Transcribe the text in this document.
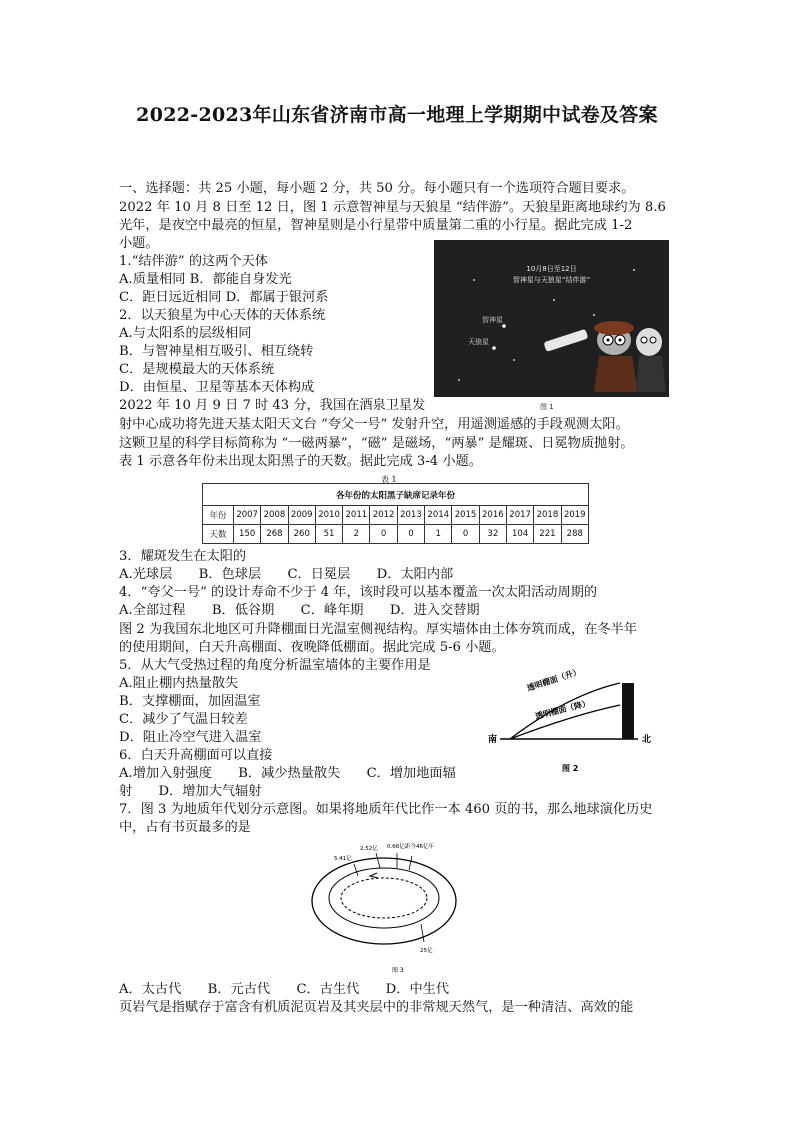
2022-2023年山东省济南市高一地理上学期期中试卷及答案
一、选择题：共 25 小题，每小题 2 分，共 50 分。每小题只有一个选项符合题目要求。
2022 年 10 月 8 日至 12 日，图 1 示意智神星与天狼星 “结伴游”。天狼星距离地球约为 8.6
光年，是夜空中最亮的恒星，智神星则是小行星带中质量第二重的小行星。据此完成 1-2
小题。
1.“结伴游” 的这两个天体
A.质量相同 B．都能自身发光
C．距日远近相同 D．都属于银河系
2．以天狼星为中心天体的天体系统
A.与太阳系的层级相同
B．与智神星相互吸引、相互绕转
C．是规模最大的天体系统
D．由恒星、卫星等基本天体构成
2022 年 10 月 9 日 7 时 43 分，我国在酒泉卫星发
射中心成功将先进天基太阳天文台 “夸父一号” 发射升空，用遥测遥感的手段观测太阳。
这颗卫星的科学目标简称为 “一磁两暴”，“磁” 是磁场，“两暴” 是耀斑、日冕物质抛射。
表 1 示意各年份未出现太阳黑子的天数。据此完成 3-4 小题。
10月8日至12日
智神星与天狼星“结伴游”
智神星
天狼星
图 1
表 1
各年份的太阳黑子缺席记录年份													
年份	2007	2008	2009	2010	2011	2012	2013	2014	2015	2016	2017	2018	2019
天数	150	268	260	51	2	0	0	1	0	32	104	221	288
3．耀斑发生在太阳的
A.光球层　　B．色球层　　C．日冕层　　D．太阳内部
4．“夸父一号” 的设计寿命不少于 4 年，该时段可以基本覆盖一次太阳活动周期的
A.全部过程　　B．低谷期　　C．峰年期　　D．进入交替期
图 2 为我国东北地区可升降棚面日光温室侧视结构。厚实墙体由土体夯筑而成，在冬半年
的使用期间，白天升高棚面、夜晚降低棚面。据此完成 5-6 小题。
5．从大气受热过程的角度分析温室墙体的主要作用是
A.阻止棚内热量散失
B．支撑棚面，加固温室
C．减少了气温日较差
D．阻止冷空气进入温室
6．白天升高棚面可以直接
A.增加入射强度　　B．减少热量散失　　C．增加地面辐
射　　D．增加大气辐射
7．图 3 为地质年代划分示意图。如果将地质年代比作一本 460 页的书，那么地球演化历史
中，占有书页最多的是
透明棚面（升）
透明棚面（降）
南	北
图 2
5.41亿
2.52亿 0.66亿 距今46亿年
25亿
图 3
A．太古代　　B．元古代　　C．古生代　　D．中生代
页岩气是指赋存于富含有机质泥页岩及其夹层中的非常规天然气，是一种清洁、高效的能
